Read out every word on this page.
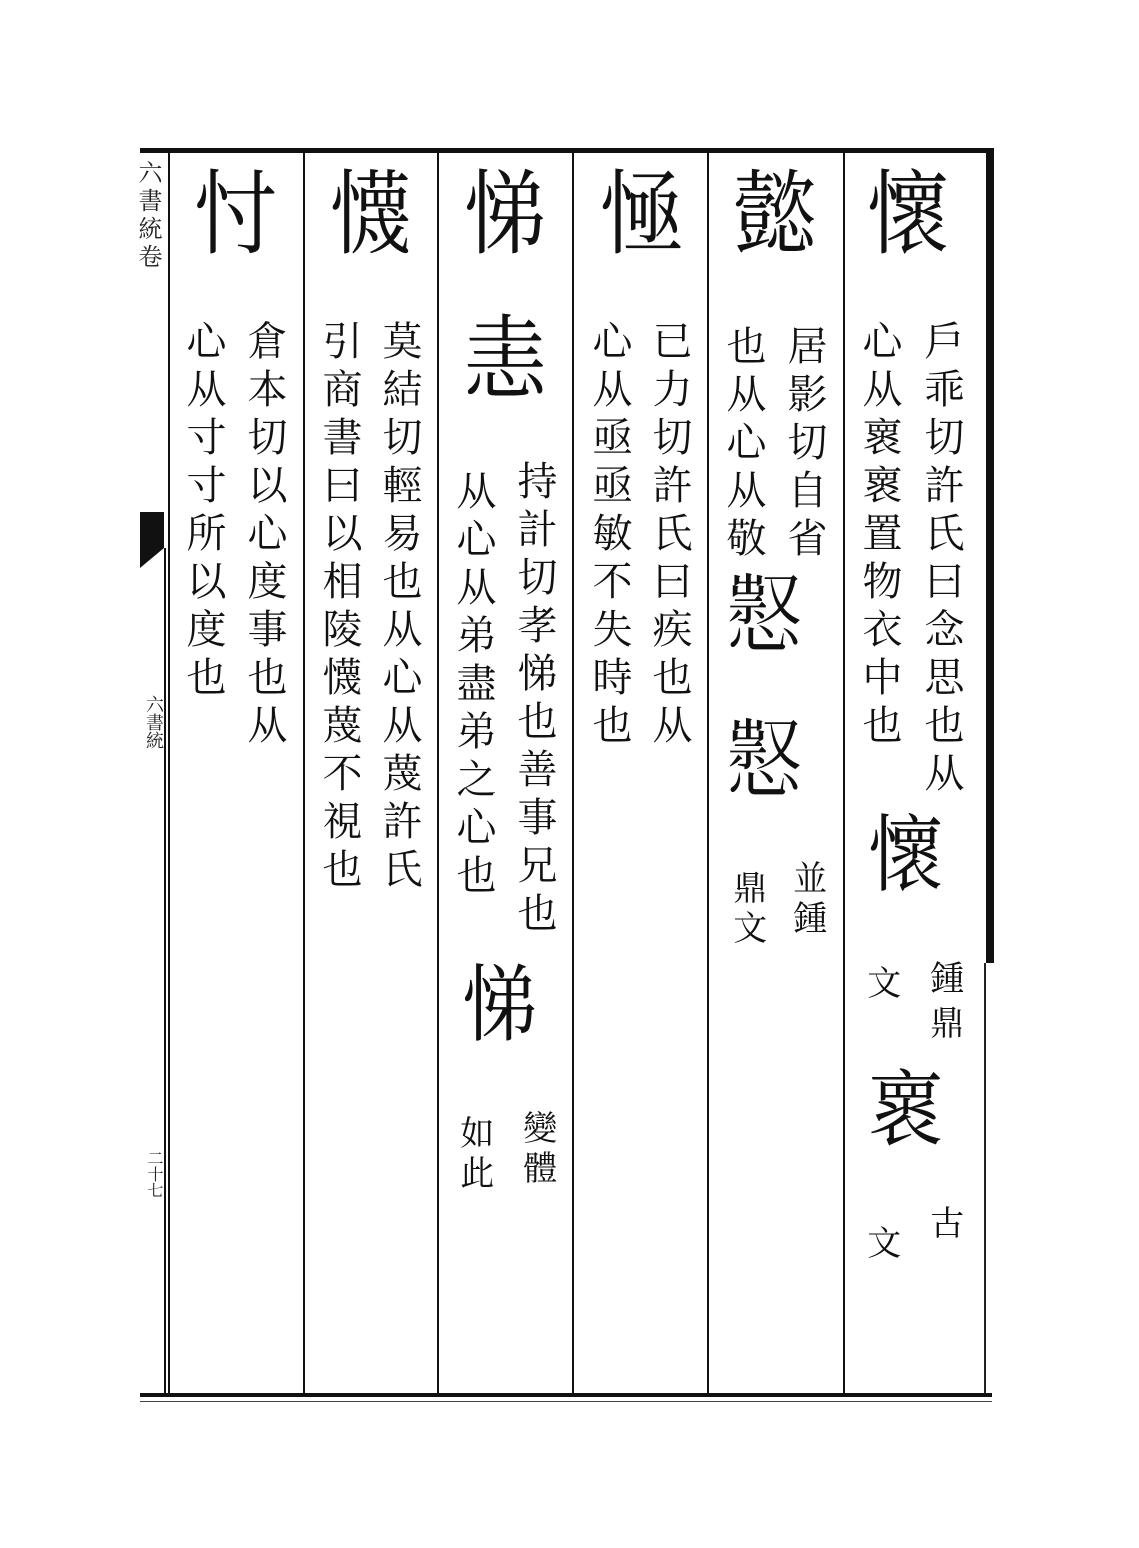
六書統卷
六書統
二十七
懷
戶乖切許氏曰念思也从
心从褱褱置物衣中也
懷
鍾
鼎
文
褱
古
文
懿
居影切自省
也从心从敬
𢡈
𢡈
並鍾
鼎文
㥛
已力切許氏曰疾也从
心从亟亟敏不失時也
悌
恚
持計切孝悌也善事兄也
从心从弟盡弟之心也
悌
變體
如此
懱
莫結切輕易也从心从蔑許氏
引商書曰以相陵懱蔑不視也
忖
倉本切以心度事也从
心从寸寸所以度也
